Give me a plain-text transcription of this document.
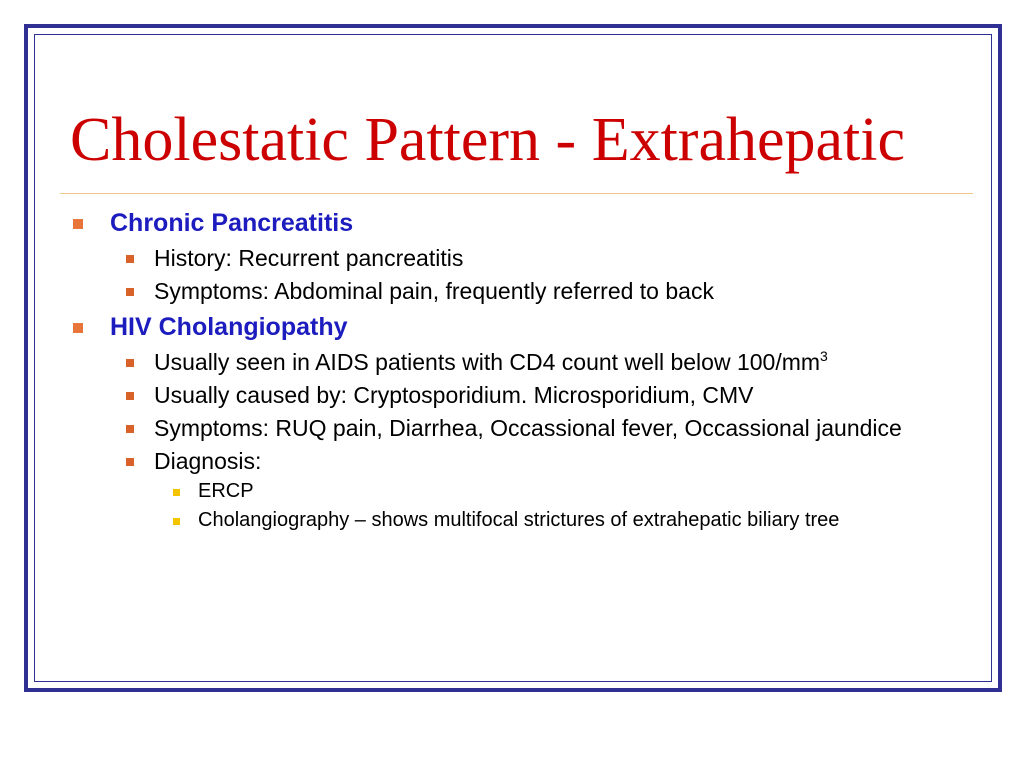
Cholestatic Pattern - Extrahepatic
Chronic Pancreatitis
History: Recurrent pancreatitis
Symptoms: Abdominal pain, frequently referred to back
HIV Cholangiopathy
Usually seen in AIDS patients with CD4 count well below $100/mm^3$
Usually caused by: Cryptosporidium. Microsporidium, CMV
Symptoms: RUQ pain, Diarrhea, Occassional fever, Occassional jaundice
Diagnosis:
ERCP
Cholangiography – shows multifocal strictures of extrahepatic biliary tree
